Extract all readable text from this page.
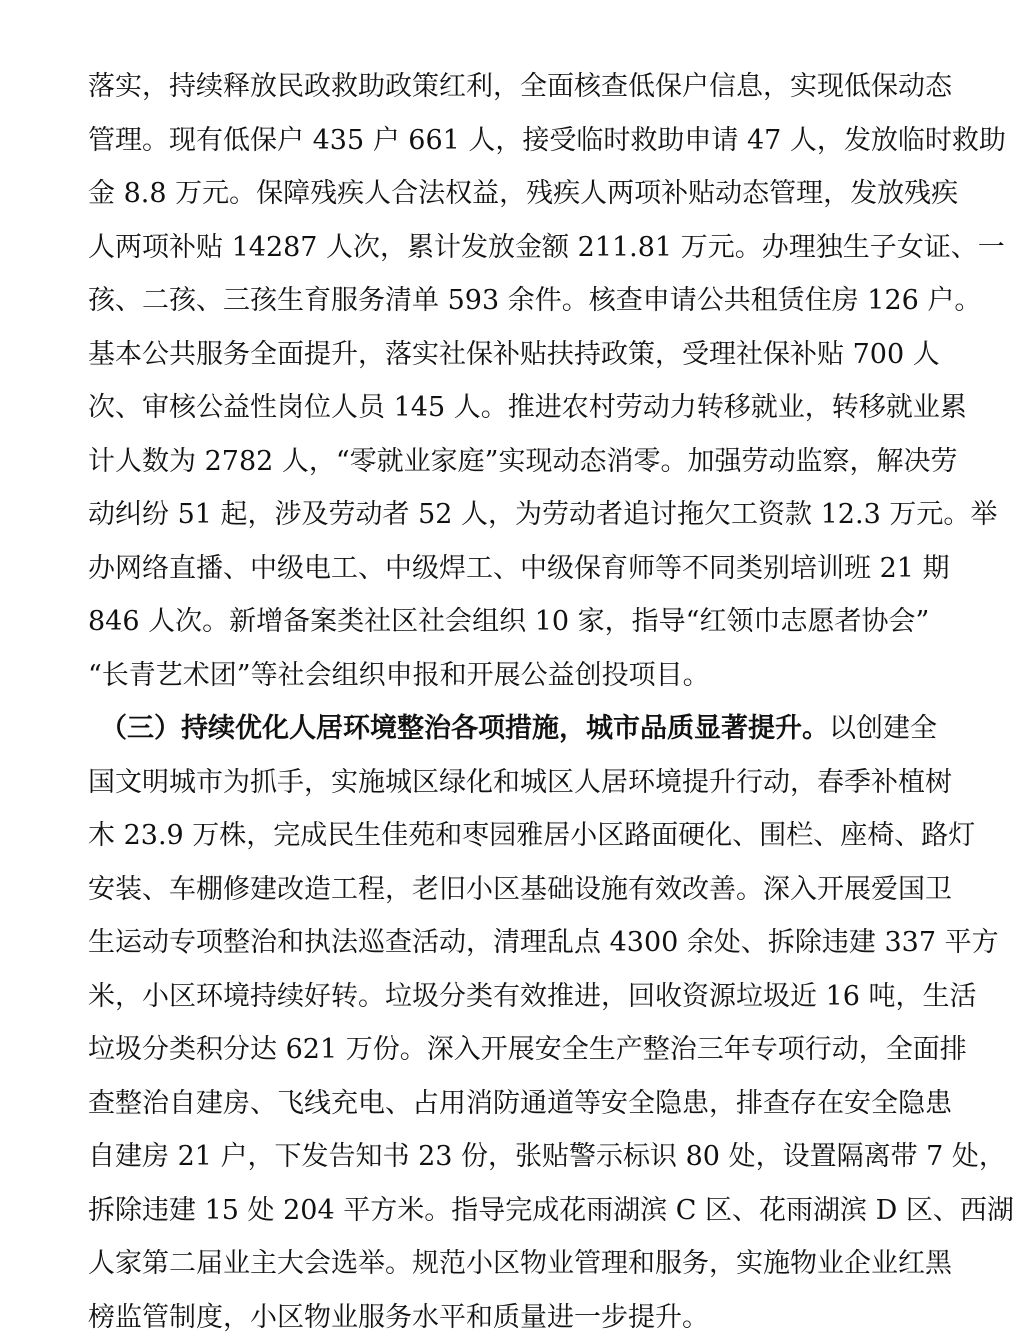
落实，持续释放民政救助政策红利，全面核查低保户信息，实现低保动态
管理。现有低保户 435 户 661 人，接受临时救助申请 47 人，发放临时救助
金 8.8 万元。保障残疾人合法权益，残疾人两项补贴动态管理，发放残疾
人两项补贴 14287 人次，累计发放金额 211.81 万元。办理独生子女证、一
孩、二孩、三孩生育服务清单 593 余件。核查申请公共租赁住房 126 户。
基本公共服务全面提升，落实社保补贴扶持政策，受理社保补贴 700 人
次、审核公益性岗位人员 145 人。推进农村劳动力转移就业，转移就业累
计人数为 2782 人，“零就业家庭”实现动态消零。加强劳动监察，解决劳
动纠纷 51 起，涉及劳动者 52 人，为劳动者追讨拖欠工资款 12.3 万元。举
办网络直播、中级电工、中级焊工、中级保育师等不同类别培训班 21 期
846 人次。新增备案类社区社会组织 10 家，指导“红领巾志愿者协会”
“长青艺术团”等社会组织申报和开展公益创投项目。
（三）持续优化人居环境整治各项措施，城市品质显著提升。以创建全
国文明城市为抓手，实施城区绿化和城区人居环境提升行动，春季补植树
木 23.9 万株，完成民生佳苑和枣园雅居小区路面硬化、围栏、座椅、路灯
安装、车棚修建改造工程，老旧小区基础设施有效改善。深入开展爱国卫
生运动专项整治和执法巡查活动，清理乱点 4300 余处、拆除违建 337 平方
米，小区环境持续好转。垃圾分类有效推进，回收资源垃圾近 16 吨，生活
垃圾分类积分达 621 万份。深入开展安全生产整治三年专项行动，全面排
查整治自建房、飞线充电、占用消防通道等安全隐患，排查存在安全隐患
自建房 21 户，下发告知书 23 份，张贴警示标识 80 处，设置隔离带 7 处，
拆除违建 15 处 204 平方米。指导完成花雨湖滨 C 区、花雨湖滨 D 区、西湖
人家第二届业主大会选举。规范小区物业管理和服务，实施物业企业红黑
榜监管制度，小区物业服务水平和质量进一步提升。
